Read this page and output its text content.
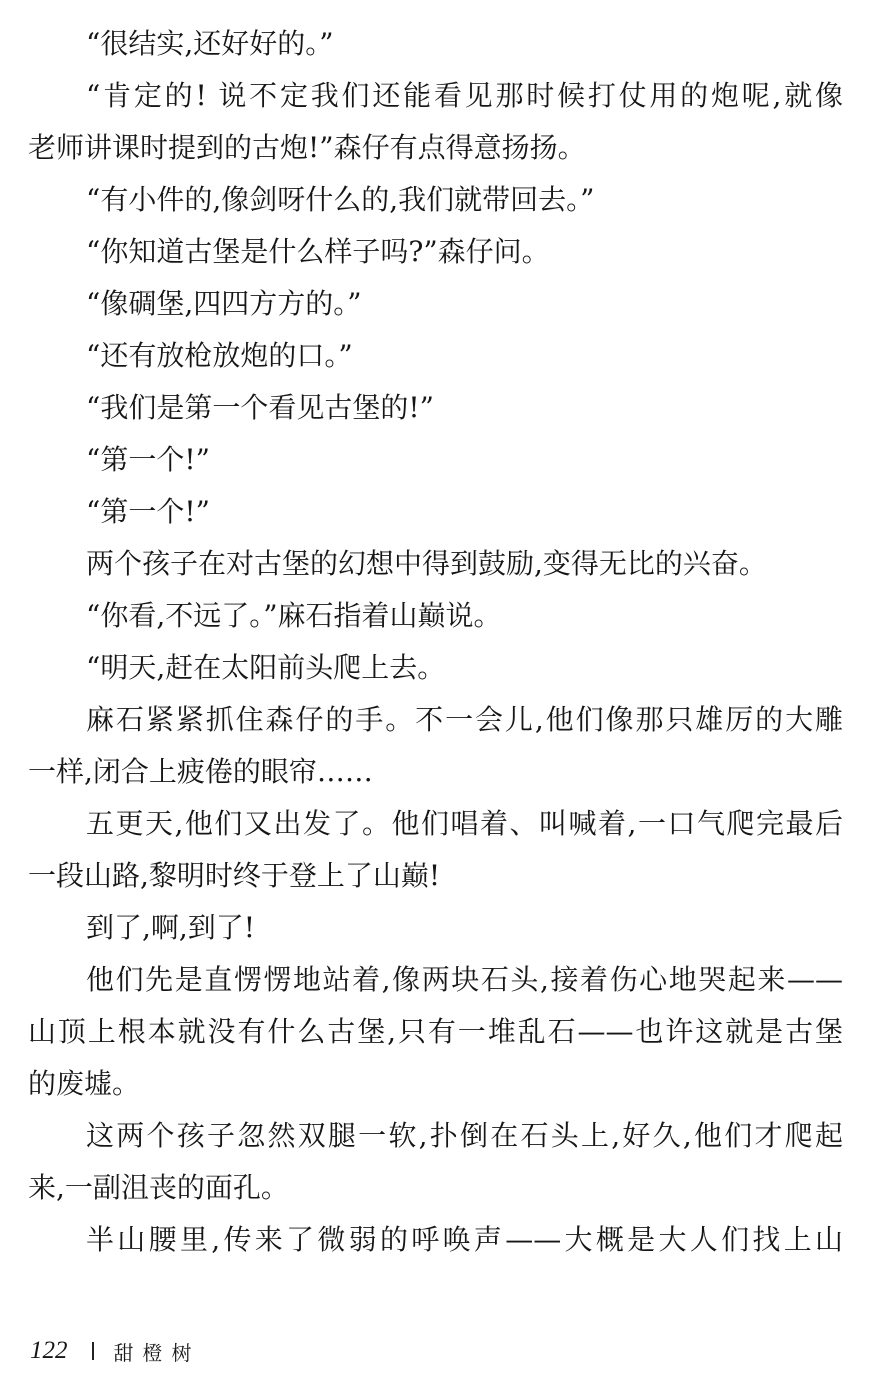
“很结实,还好好的。”
“肯定的! 说不定我们还能看见那时候打仗用的炮呢,就像
老师讲课时提到的古炮!”森仔有点得意扬扬。
“有小件的,像剑呀什么的,我们就带回去。”
“你知道古堡是什么样子吗?”森仔问。
“像碉堡,四四方方的。”
“还有放枪放炮的口。”
“我们是第一个看见古堡的!”
“第一个!”
“第一个!”
两个孩子在对古堡的幻想中得到鼓励,变得无比的兴奋。
“你看,不远了。”麻石指着山巅说。
“明天,赶在太阳前头爬上去。
麻石紧紧抓住森仔的手。不一会儿,他们像那只雄厉的大雕
一样,闭合上疲倦的眼帘……
五更天,他们又出发了。他们唱着、叫喊着,一口气爬完最后
一段山路,黎明时终于登上了山巅!
到了,啊,到了!
他们先是直愣愣地站着,像两块石头,接着伤心地哭起来——
山顶上根本就没有什么古堡,只有一堆乱石——也许这就是古堡
的废墟。
这两个孩子忽然双腿一软,扑倒在石头上,好久,他们才爬起
来,一副沮丧的面孔。
半山腰里,传来了微弱的呼唤声——大概是大人们找上山
122 甜橙树
